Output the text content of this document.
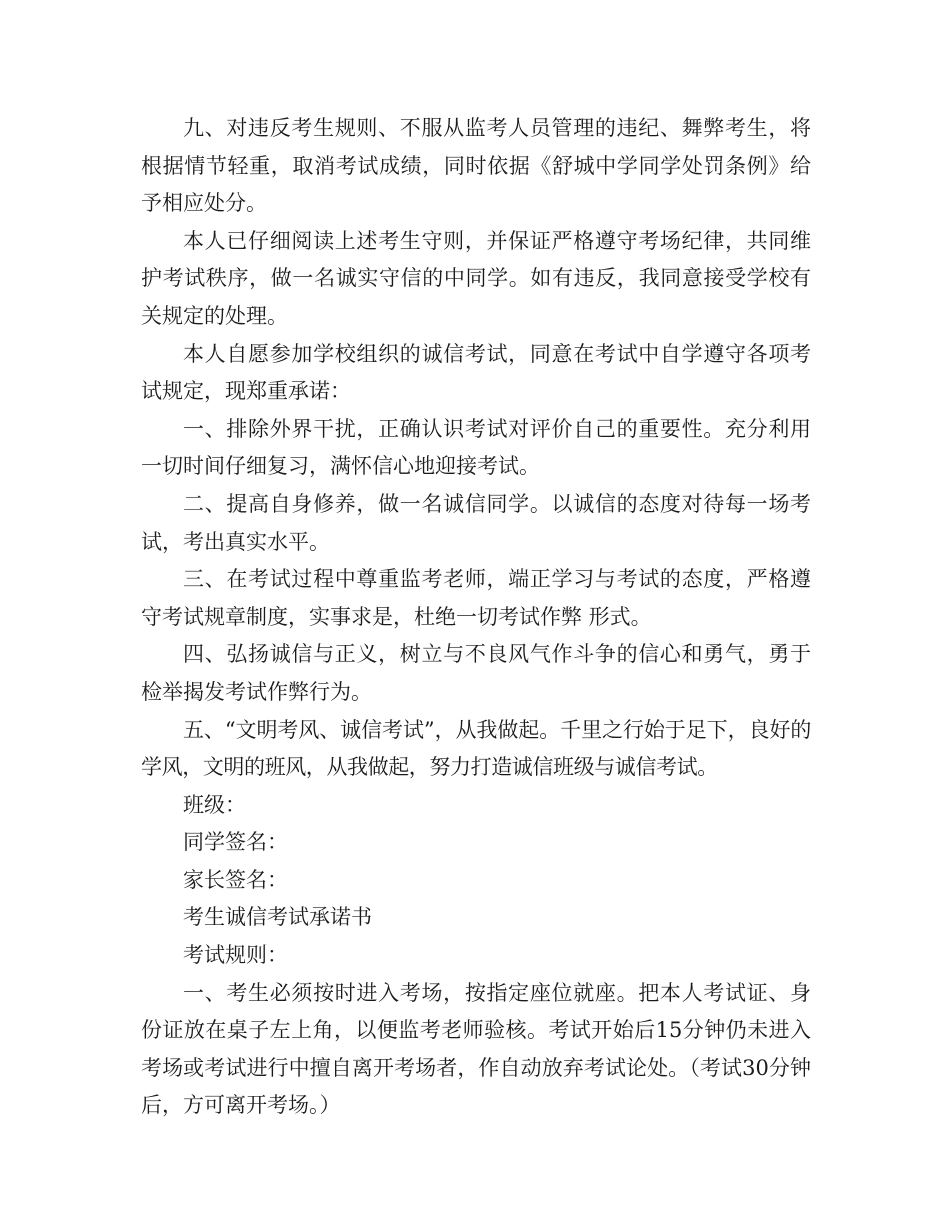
九、对违反考生规则、不服从监考人员管理的违纪、舞弊考生，将根据情节轻重，取消考试成绩，同时依据《舒城中学同学处罚条例》给予相应处分。

本人已仔细阅读上述考生守则，并保证严格遵守考场纪律，共同维护考试秩序，做一名诚实守信的中同学。如有违反，我同意接受学校有关规定的处理。

本人自愿参加学校组织的诚信考试，同意在考试中自学遵守各项考试规定，现郑重承诺：

一、排除外界干扰，正确认识考试对评价自己的重要性。充分利用一切时间仔细复习，满怀信心地迎接考试。

二、提高自身修养，做一名诚信同学。以诚信的态度对待每一场考试，考出真实水平。

三、在考试过程中尊重监考老师，端正学习与考试的态度，严格遵守考试规章制度，实事求是，杜绝一切考试作弊 形式。

四、弘扬诚信与正义，树立与不良风气作斗争的信心和勇气，勇于检举揭发考试作弊行为。

五、“文明考风、诚信考试”，从我做起。千里之行始于足下，良好的学风，文明的班风，从我做起，努力打造诚信班级与诚信考试。

班级：

同学签名：

家长签名：

考生诚信考试承诺书

考试规则：

一、考生必须按时进入考场，按指定座位就座。把本人考试证、身份证放在桌子左上角，以便监考老师验核。考试开始后15分钟仍未进入考场或考试进行中擅自离开考场者，作自动放弃考试论处。（考试30分钟后，方可离开考场。）
